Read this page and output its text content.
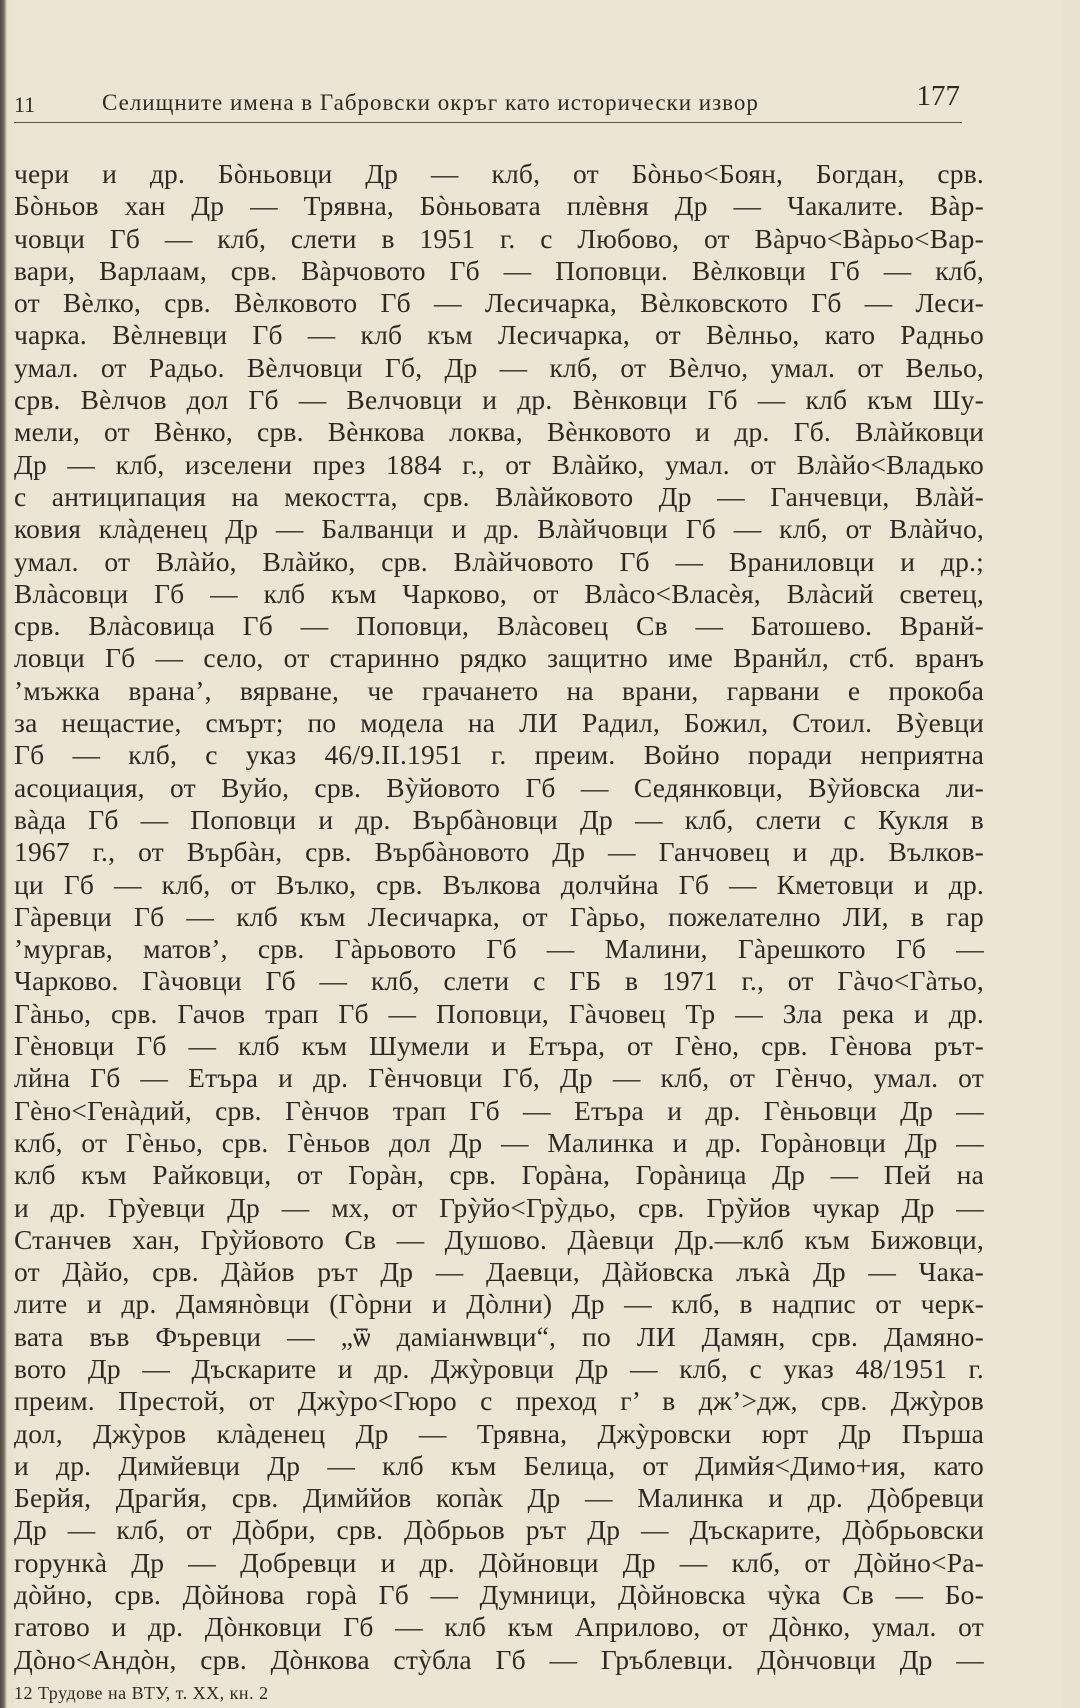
11	Селищните имена в Габровски окръг като исторически извор	177
чери и др. Бòньовци Др — клб, от Бòньо<Боян, Богдан, срв.
Бòньов хан Др — Трявна, Бòньовата плèвня Др — Чакалите. Вàр-
човци Гб — клб, слети в 1951 г. с Любово, от Вàрчо<Вàрьо<Вар-
вари, Варлаам, срв. Вàрчовото Гб — Поповци. Вèлковци Гб — клб,
от Вèлко, срв. Вèлковото Гб — Лесичарка, Вèлковското Гб — Леси-
чарка. Вèлневци Гб — клб към Лесичарка, от Вèлньо, като Радньо
умал. от Радьо. Вèлчовци Гб, Др — клб, от Вèлчо, умал. от Вельо,
срв. Вèлчов дол Гб — Велчовци и др. Вèнковци Гб — клб към Шу-
мели, от Вèнко, срв. Вèнкова локва, Вèнковото и др. Гб. Влàйковци
Др — клб, изселени през 1884 г., от Влàйко, умал. от Влàйо<Владько
с антиципация на мекостта, срв. Влàйковото Др — Ганчевци, Влàй-
ковия клàденец Др — Балванци и др. Влàйчовци Гб — клб, от Влàйчо,
умал. от Влàйо, Влàйко, срв. Влàйчовото Гб — Враниловци и др.;
Влàсовци Гб — клб към Чарково, от Влàсо<Власèя, Влàсий светец,
срв. Влàсовица Гб — Поповци, Влàсовец Св — Батошево. Вранй-
ловци Гб — село, от старинно рядко защитно име Вранйл, стб. вранъ
’мъжка врана’, вярване, че грачането на врани, гарвани е прокоба
за нещастие, смърт; по модела на ЛИ Радил, Божил, Стоил. Вỳевци
Гб — клб, с указ 46/9.II.1951 г. преим. Войно поради неприятна
асоциация, от Вуйо, срв. Вỳйовото Гб — Седянковци, Вỳйовска ли-
вàда Гб — Поповци и др. Върбàновци Др — клб, слети с Кукля в
1967 г., от Върбàн, срв. Върбàновото Др — Ганчовец и др. Вълков-
ци Гб — клб, от Вълко, срв. Вълкова долчйна Гб — Кметовци и др.
Гàревци Гб — клб към Лесичарка, от Гàрьо, пожелателно ЛИ, в гар
’мургав, матов’, срв. Гàрьовото Гб — Малини, Гàрешкото Гб —
Чарково. Гàчовци Гб — клб, слети с ГБ в 1971 г., от Гàчо<Гàтьо,
Гàньо, срв. Гачов трап Гб — Поповци, Гàчовец Тр — Зла река и др.
Гèновци Гб — клб към Шумели и Етъра, от Гèно, срв. Гèнова рът-
лйна Гб — Етъра и др. Гèнчовци Гб, Др — клб, от Гèнчо, умал. от
Гèно<Генàдий, срв. Гèнчов трап Гб — Етъра и др. Гèньовци Др —
клб, от Гèньо, срв. Гèньов дол Др — Малинка и др. Горàновци Др —
клб към Райковци, от Горàн, срв. Горàна, Горàница Др — Пей на
и др. Грỳевци Др — мх, от Грỳйо<Грỳдьо, срв. Грỳйов чукар Др —
Станчев хан, Грỳйовото Св — Душово. Дàевци Др.—клб към Бижовци,
от Дàйо, срв. Дàйов рът Др — Даевци, Дàйовска лъкà Др — Чака-
лите и др. Дамянòвци (Гòрни и Дòлни) Др — клб, в надпис от черк-
вата във Фъревци — „ѿ даміанѡвци“, по ЛИ Дамян, срв. Дамяно-
вото Др — Дъскарите и др. Джỳровци Др — клб, с указ 48/1951 г.
преим. Престой, от Джỳро<Гюро с преход г’ в дж’>дж, срв. Джỳров
дол, Джỳров клàденец Др — Трявна, Джỳровски юрт Др Пърша
и др. Димйевци Др — клб към Белица, от Димйя<Димо+ия, като
Берйя, Драгйя, срв. Димййов копàк Др — Малинка и др. Дòбревци
Др — клб, от Дòбри, срв. Дòбрьов рът Др — Дъскарите, Дòбрьовски
горункà Др — Добревци и др. Дòйновци Др — клб, от Дòйно<Ра-
дòйно, срв. Дòйнова горà Гб — Думници, Дòйновска чỳка Св — Бо-
гатово и др. Дòнковци Гб — клб към Априлово, от Дòнко, умал. от
Дòно<Андòн, срв. Дòнкова стỳбла Гб — Гръблевци. Дòнчовци Др —
12 Трудове на ВТУ, т. XX, кн. 2
